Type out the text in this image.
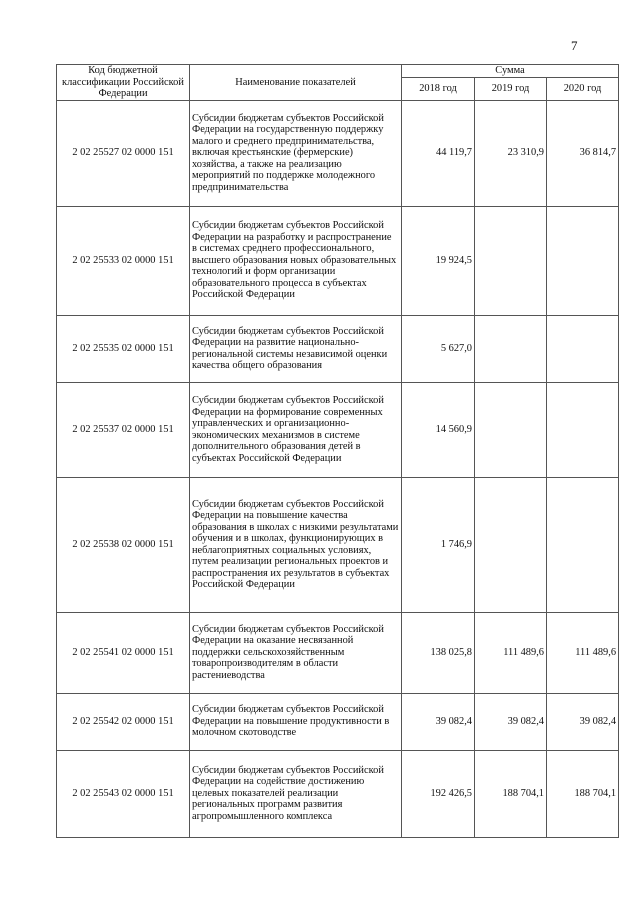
7
Код бюджетной классификации Российской Федерации	Наименование показателей	Сумма		
		2018 год	2019 год	2020 год
2 02 25527 02 0000 151	Субсидии бюджетам субъектов Российской Федерации на государственную поддержку малого и среднего предпринимательства, включая крестьянские (фермерские) хозяйства, а также на реализацию мероприятий по поддержке молодежного предпринимательства	44 119,7	23 310,9	36 814,7
2 02 25533 02 0000 151	Субсидии бюджетам субъектов Российской Федерации на разработку и распространение в системах среднего профессионального, высшего образования новых образовательных технологий и форм организации образовательного процесса в субъектах Российской Федерации	19 924,5		
2 02 25535 02 0000 151	Субсидии бюджетам субъектов Российской Федерации на развитие национально-региональной системы независимой оценки качества общего образования	5 627,0		
2 02 25537 02 0000 151	Субсидии бюджетам субъектов Российской Федерации на формирование современных управленческих и организационно-экономических механизмов в системе дополнительного образования детей в субъектах Российской Федерации	14 560,9		
2 02 25538 02 0000 151	Субсидии бюджетам субъектов Российской Федерации на повышение качества образования в школах с низкими результатами обучения и в школах, функционирующих в неблагоприятных социальных условиях, путем реализации региональных проектов и распространения их результатов в субъектах Российской Федерации	1 746,9		
2 02 25541 02 0000 151	Субсидии бюджетам субъектов Российской Федерации на оказание несвязанной поддержки сельскохозяйственным товаропроизводителям в области растениеводства	138 025,8	111 489,6	111 489,6
2 02 25542 02 0000 151	Субсидии бюджетам субъектов Российской Федерации на повышение продуктивности в молочном скотоводстве	39 082,4	39 082,4	39 082,4
2 02 25543 02 0000 151	Субсидии бюджетам субъектов Российской Федерации на содействие достижению целевых показателей реализации региональных программ развития агропромышленного комплекса	192 426,5	188 704,1	188 704,1
